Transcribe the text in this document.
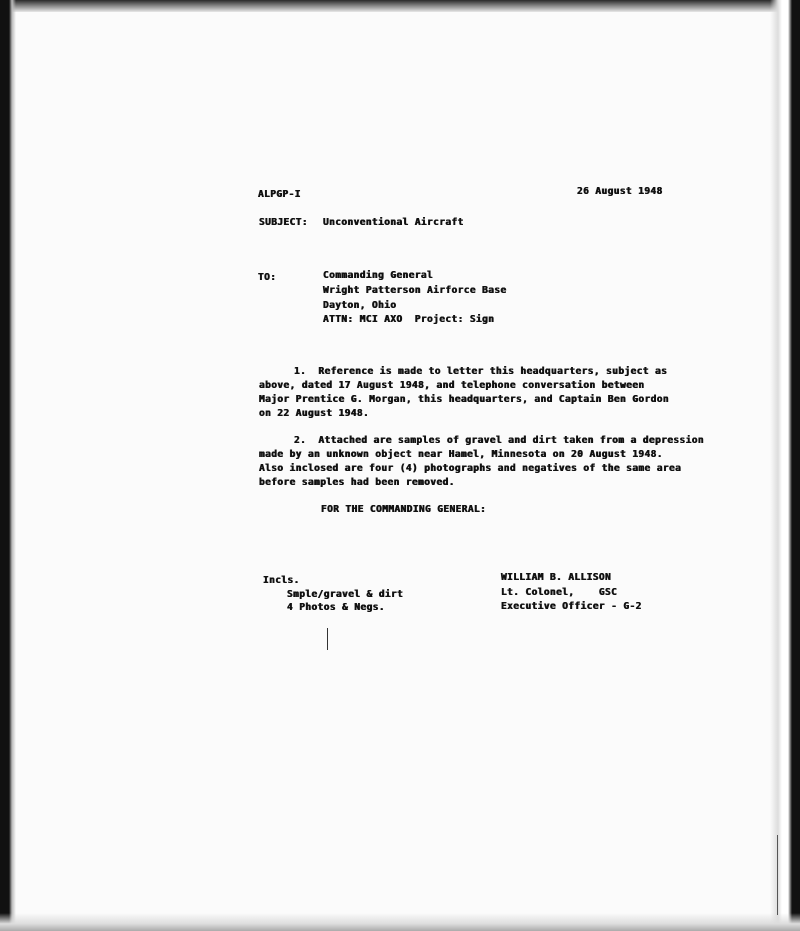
ALPGP-I	26 August 1948
SUBJECT: Unconventional Aircraft
TO:	Commanding General
Wright Patterson Airforce Base
Dayton, Ohio
ATTN: MCI AXO  Project: Sign
1.  Reference is made to letter this headquarters, subject as
above, dated 17 August 1948, and telephone conversation between
Major Prentice G. Morgan, this headquarters, and Captain Ben Gordon
on 22 August 1948.
2.  Attached are samples of gravel and dirt taken from a depression
made by an unknown object near Hamel, Minnesota on 20 August 1948.
Also inclosed are four (4) photographs and negatives of the same area
before samples had been removed.
FOR THE COMMANDING GENERAL:
Incls.
Smple/gravel & dirt
4 Photos & Negs.
WILLIAM B. ALLISON
Lt. Colonel,    GSC
Executive Officer - G-2
